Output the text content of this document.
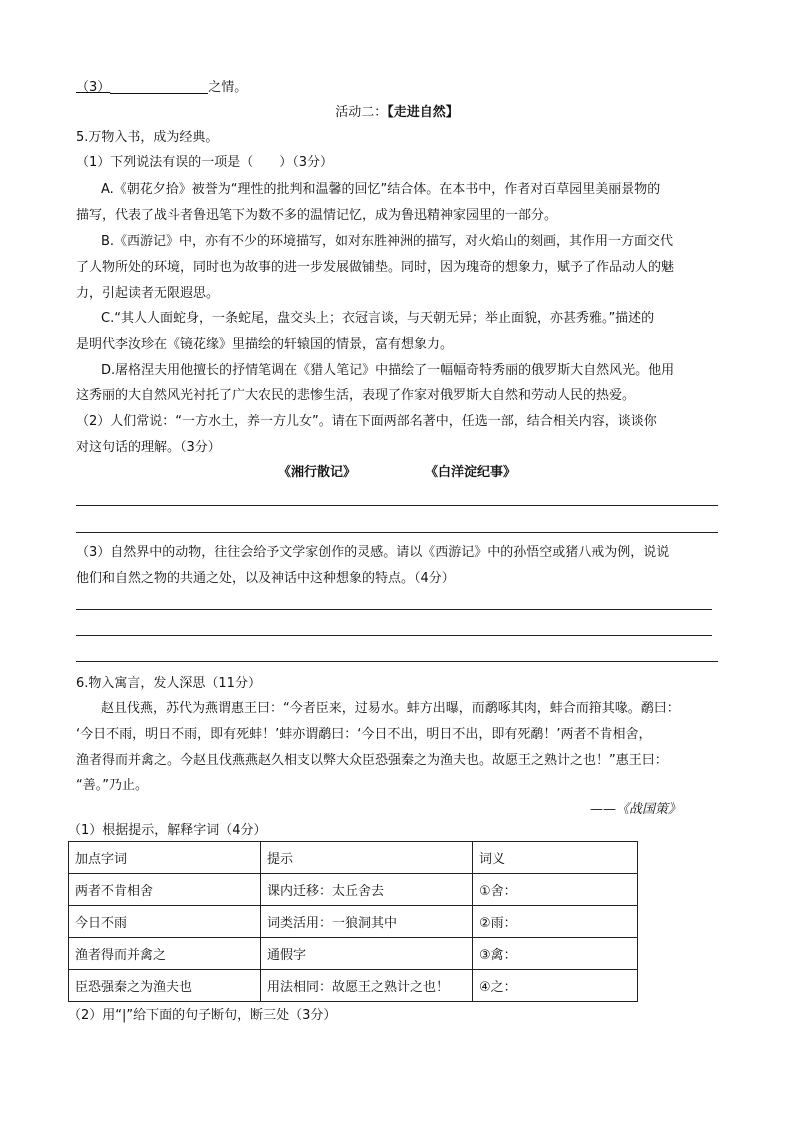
（3）	之情。
活动二：【走进自然】
5.万物入书，成为经典。
（1）下列说法有误的一项是（　　）（3分）
A.《朝花夕拾》被誉为“理性的批判和温馨的回忆”结合体。在本书中，作者对百草园里美丽景物的
描写，代表了战斗者鲁迅笔下为数不多的温情记忆，成为鲁迅精神家园里的一部分。
B.《西游记》中，亦有不少的环境描写，如对东胜神洲的描写，对火焰山的刻画，其作用一方面交代
了人物所处的环境，同时也为故事的进一步发展做铺垫。同时，因为瑰奇的想象力，赋予了作品动人的魅
力，引起读者无限遐思。
C.“其人人面蛇身，一条蛇尾，盘交头上；衣冠言谈，与天朝无异；举止面貌，亦甚秀雅。”描述的
是明代李汝珍在《镜花缘》里描绘的轩辕国的情景，富有想象力。
D.屠格涅夫用他擅长的抒情笔调在《猎人笔记》中描绘了一幅幅奇特秀丽的俄罗斯大自然风光。他用
这秀丽的大自然风光衬托了广大农民的悲惨生活，表现了作家对俄罗斯大自然和劳动人民的热爱。
（2）人们常说：“一方水土，养一方儿女”。请在下面两部名著中，任选一部，结合相关内容，谈谈你
对这句话的理解。（3分）
《湘行散记》	《白洋淀纪事》
（3）自然界中的动物，往往会给予文学家创作的灵感。请以《西游记》中的孙悟空或猪八戒为例，说说
他们和自然之物的共通之处，以及神话中这种想象的特点。（4分）
6.物入寓言，发人深思（11分）
赵且伐燕，苏代为燕谓惠王曰：“今者臣来，过易水。蚌方出曝，而鹬啄其肉，蚌合而箝其喙。鹬曰：
‘今日不雨，明日不雨，即有死蚌！’蚌亦谓鹬曰：‘今日不出，明日不出，即有死鹬！’两者不肯相舍，
渔者得而并禽之。今赵且伐燕燕赵久相支以弊大众臣恐强秦之为渔夫也。故愿王之熟计之也！”惠王曰：
“善。”乃止。
——《战国策》
（1）根据提示，解释字词（4分）
加点字词	提示	词义
两者不肯相舍	课内迁移：太丘舍去	①舍：
今日不雨	词类活用：一狼洞其中	②雨：
渔者得而并禽之	通假字	③禽：
臣恐强秦之为渔夫也	用法相同：故愿王之熟计之也！	④之：
（2）用“|”给下面的句子断句，断三处（3分）
